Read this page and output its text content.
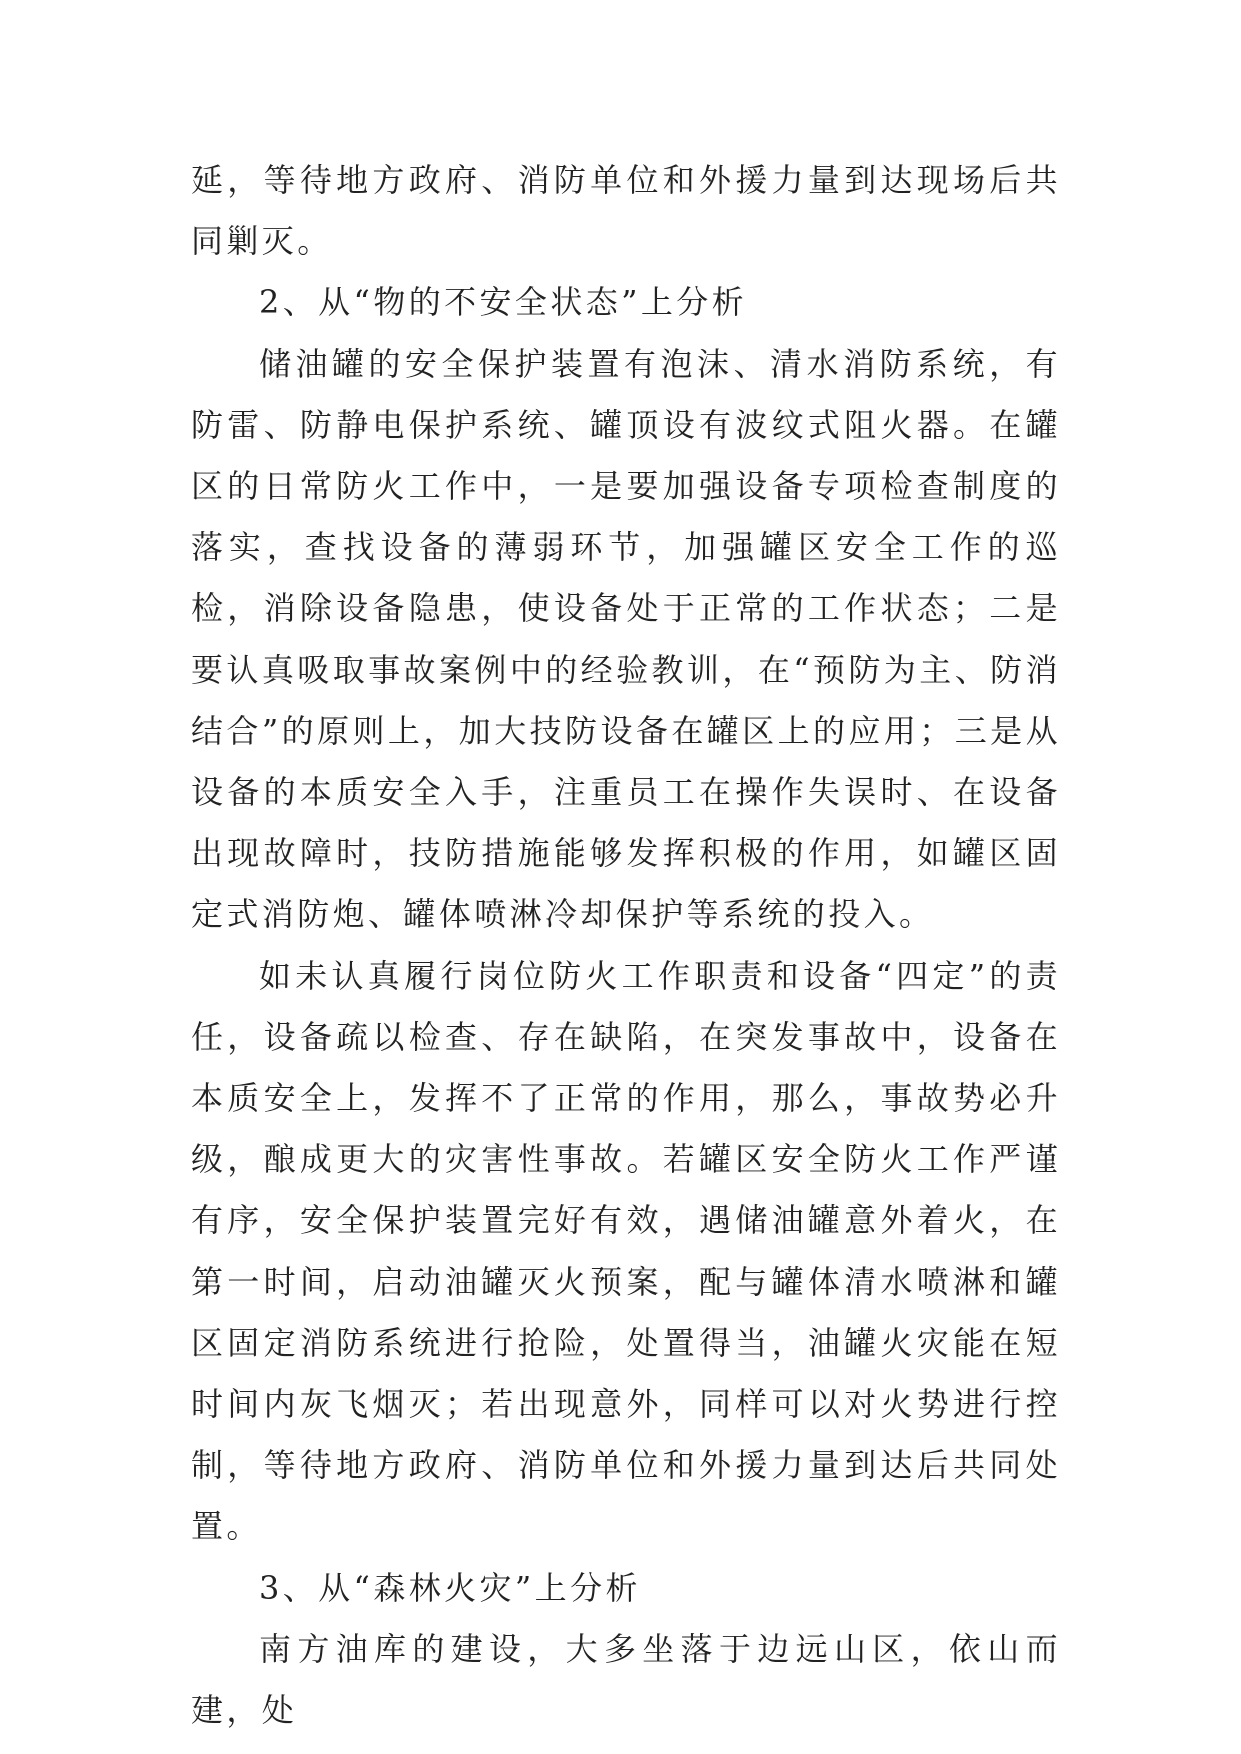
延，等待地方政府、消防单位和外援力量到达现场后共同剿灭。

2、从“物的不安全状态”上分析

储油罐的安全保护装置有泡沫、清水消防系统，有防雷、防静电保护系统、罐顶设有波纹式阻火器。在罐区的日常防火工作中，一是要加强设备专项检查制度的落实，查找设备的薄弱环节，加强罐区安全工作的巡检，消除设备隐患，使设备处于正常的工作状态；二是要认真吸取事故案例中的经验教训，在“预防为主、防消结合”的原则上，加大技防设备在罐区上的应用；三是从设备的本质安全入手，注重员工在操作失误时、在设备出现故障时，技防措施能够发挥积极的作用，如罐区固定式消防炮、罐体喷淋冷却保护等系统的投入。

如未认真履行岗位防火工作职责和设备“四定”的责任，设备疏以检查、存在缺陷，在突发事故中，设备在本质安全上，发挥不了正常的作用，那么，事故势必升级，酿成更大的灾害性事故。若罐区安全防火工作严谨有序，安全保护装置完好有效，遇储油罐意外着火，在第一时间，启动油罐灭火预案，配与罐体清水喷淋和罐区固定消防系统进行抢险，处置得当，油罐火灾能在短时间内灰飞烟灭；若出现意外，同样可以对火势进行控制，等待地方政府、消防单位和外援力量到达后共同处置。

3、从“森林火灾”上分析

南方油库的建设，大多坐落于边远山区，依山而建，处
